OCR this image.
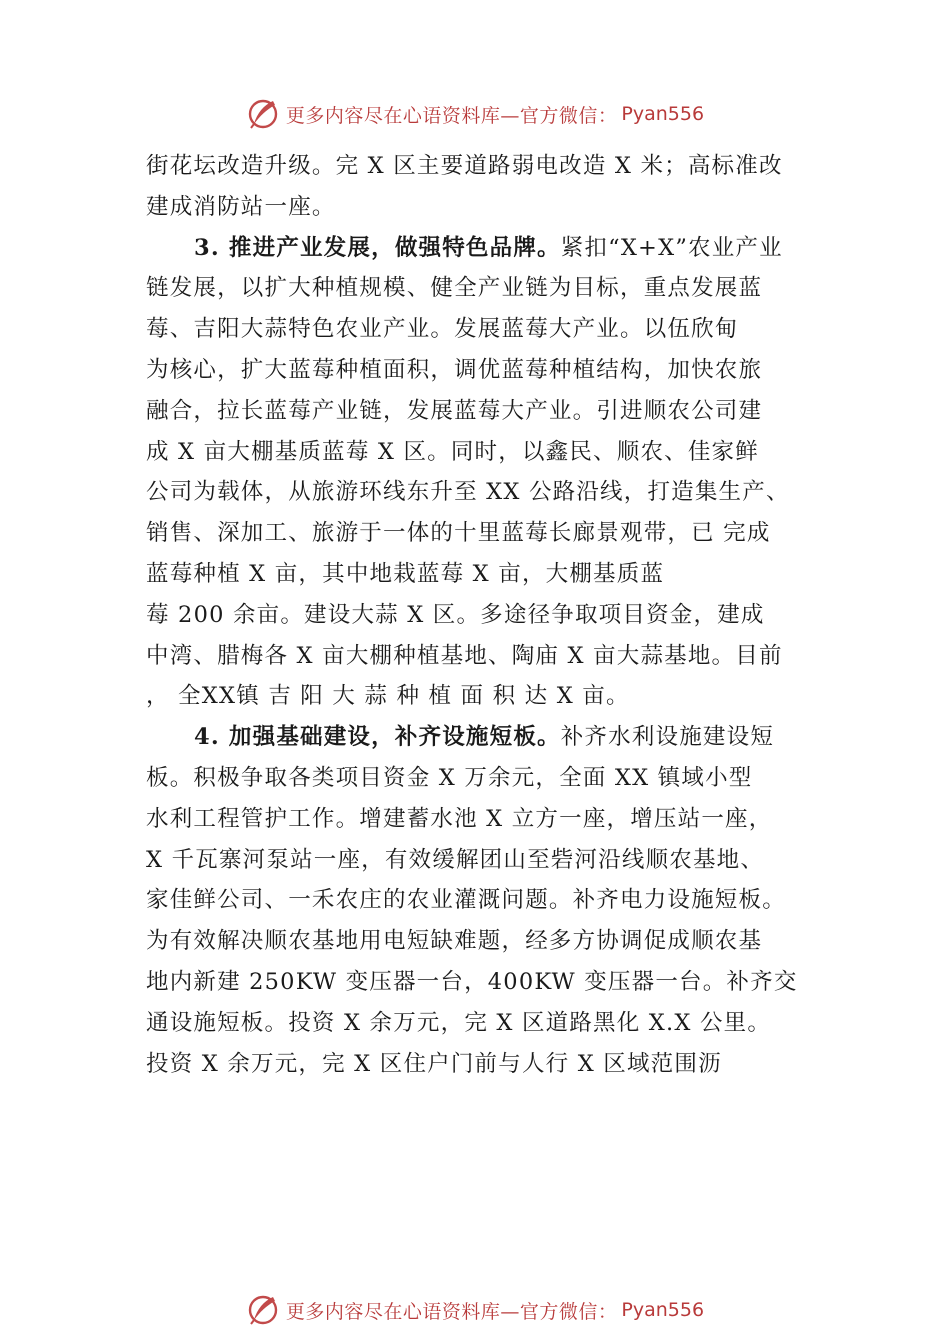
更多内容尽在心语资料库—官方微信： Pyan556
街花坛改造升级。完 X 区主要道路弱电改造 X 米；高标准改
建成消防站一座。
3. 推进产业发展，做强特色品牌。紧扣“X+X”农业产业
链发展，以扩大种植规模、健全产业链为目标，重点发展蓝
莓、吉阳大蒜特色农业产业。发展蓝莓大产业。以伍欣甸
为核心，扩大蓝莓种植面积，调优蓝莓种植结构，加快农旅
融合，拉长蓝莓产业链，发展蓝莓大产业。引进顺农公司建
成 X 亩大棚基质蓝莓 X 区。同时，以鑫民、顺农、佳家鲜
公司为载体，从旅游环线东升至 XX 公路沿线，打造集生产、
销售、深加工、旅游于一体的十里蓝莓长廊景观带，已 完成
蓝莓种植 X 亩，其中地栽蓝莓 X 亩，大棚基质蓝
莓 200 余亩。建设大蒜 X 区。多途径争取项目资金，建成
中湾、腊梅各 X 亩大棚种植基地、陶庙 X 亩大蒜基地。目前
， 全XX镇 吉 阳 大 蒜 种 植 面 积 达 X 亩。
4. 加强基础建设，补齐设施短板。补齐水利设施建设短
板。积极争取各类项目资金 X 万余元，全面 XX 镇域小型
水利工程管护工作。增建蓄水池 X 立方一座，增压站一座，
X 千瓦寨河泵站一座，有效缓解团山至砦河沿线顺农基地、
家佳鲜公司、一禾农庄的农业灌溉问题。补齐电力设施短板。
为有效解决顺农基地用电短缺难题，经多方协调促成顺农基
地内新建 250KW 变压器一台，400KW 变压器一台。补齐交
通设施短板。投资 X 余万元，完 X 区道路黑化 X.X 公里。
投资 X 余万元，完 X 区住户门前与人行 X 区域范围沥
更多内容尽在心语资料库—官方微信： Pyan556
